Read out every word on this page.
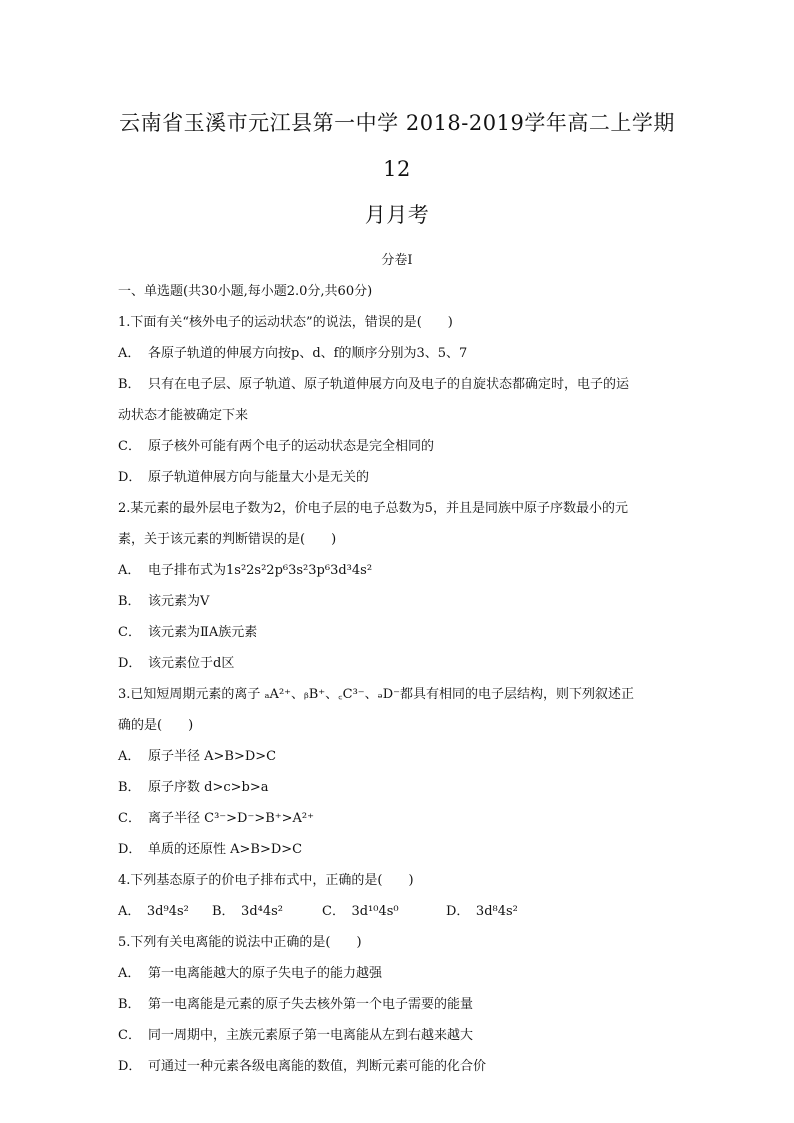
云南省玉溪市元江县第一中学 2018-2019学年高二上学期12
月月考
分卷I
一、单选题(共30小题,每小题2.0分,共60分)
1.下面有关“核外电子的运动状态”的说法，错误的是(　　)
A． 各原子轨道的伸展方向按p、d、f的顺序分别为3、5、7
B． 只有在电子层、原子轨道、原子轨道伸展方向及电子的自旋状态都确定时，电子的运
动状态才能被确定下来
C． 原子核外可能有两个电子的运动状态是完全相同的
D． 原子轨道伸展方向与能量大小是无关的
2.某元素的最外层电子数为2，价电子层的电子总数为5，并且是同族中原子序数最小的元
素，关于该元素的判断错误的是(　　)
A． 电子排布式为1s²2s²2p⁶3s²3p⁶3d³4s²
B． 该元素为V
C． 该元素为ⅡA族元素
D． 该元素位于d区
3.已知短周期元素的离子 ₐA²⁺、ᵦB⁺、꜀C³⁻、ₔD⁻都具有相同的电子层结构，则下列叙述正
确的是(　　)
A． 原子半径 A>B>D>C
B． 原子序数 d>c>b>a
C． 离子半径 C³⁻>D⁻>B⁺>A²⁺
D． 单质的还原性 A>B>D>C
4.下列基态原子的价电子排布式中，正确的是(　　)
A．　3d⁹4s² B．　3d⁴4s²	C．　3d¹⁰4s⁰	D．　3d⁸4s²
5.下列有关电离能的说法中正确的是(　　)
A． 第一电离能越大的原子失电子的能力越强
B． 第一电离能是元素的原子失去核外第一个电子需要的能量
C． 同一周期中，主族元素原子第一电离能从左到右越来越大
D． 可通过一种元素各级电离能的数值，判断元素可能的化合价
